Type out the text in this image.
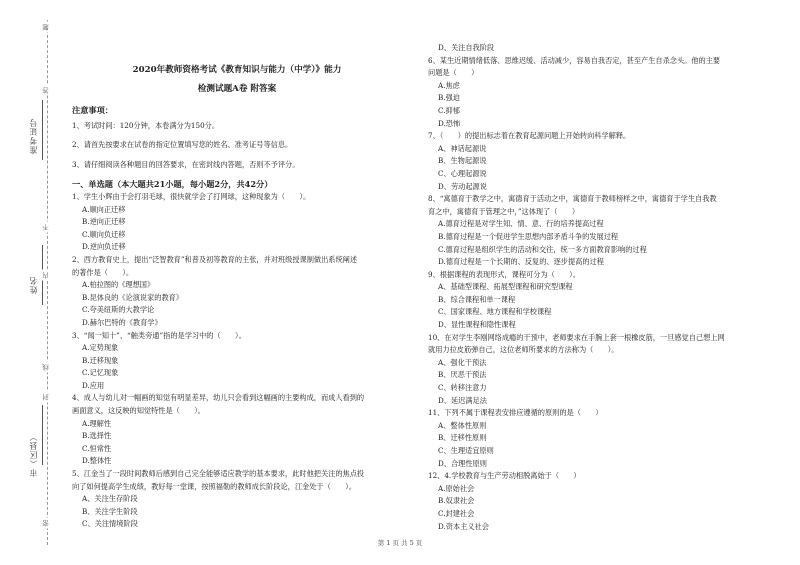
题
答
准考证号
不
内
姓名
线
封
市（区县）
密
2020年教师资格考试《教育知识与能力（中学）》能力
检测试题A卷 附答案
注意事项：
1、考试时间：120分钟，本卷满分为150分。
2、请首先按要求在试卷的指定位置填写您的姓名、准考证号等信息。
3、请仔细阅读各种题目的回答要求，在密封线内答题，否则不予评分。
一、单选题（本大题共21小题，每小题2分，共42分）
1、学生小辉由于会打羽毛球，很快就学会了打网球，这种现象为（　　）。
A.顺向正迁移
B.逆向正迁移
C.顺向负迁移
D.逆向负迁移
2、西方教育史上，提出“泛智教育”和普及初等教育的主张，并对班级授课制做出系统阐述
的著作是（　　）。
A.柏拉图的《理想国》
B.昆体良的《论演说家的教育》
C.夸美纽斯的大教学论
D.赫尔巴特的《教育学》
3、“闻一知十”、“触类旁通”指的是学习中的（　　）。
A.定势现象
B.迁移现象
C.记忆现象
D.应用
4、成人与幼儿对一幅画的知觉有明显差异，幼儿只会看到这幅画的主要构成，而成人看到的
画面意义，这反映的知觉特性是（　　）。
A.理解性
B.选择性
C.恒常性
D.整体性
5、江金当了一段时间教师后感到自己完全能够适应教学的基本要求，此时他把关注的焦点投
向了如何提高学生成绩，教好每一堂课，按照福勒的教师成长阶段论，江金处于（　　）。
A、关注生存阶段
B、关注学生阶段
C、关注情境阶段
D、关注自我阶段
6、某生近期情绪低落、思维迟缓、活动减少，容易自我否定，甚至产生自杀念头。他的主要
问题是（　　）
A.焦虑
B.强迫
C.抑郁
D.恐怖
7、（　　）的提出标志着在教育起源问题上开始转向科学解释。
A、神话起源说
B、生物起源说
C、心理起源说
D、劳动起源说
8、“寓德育于教学之中，寓德育于活动之中，寓德育于教师榜样之中，寓德育于学生自我教
育之中，寓德育于管理之中，”这体现了（　　）
A.德育过程是对学生知、情、意、行的培养提高过程
B.德育过程是一个促进学生思想内部矛盾斗争的发展过程
C.德育过程是组织学生的活动和交往，统一多方面教育影响的过程
D.德育过程是一个长期的、反复的、逐步提高的过程
9、根据课程的表现形式，课程可分为（　　）。
A、基础型课程、拓展型课程和研究型课程
B、综合课程和单一课程
C、国家课程、地方课程和学校课程
D、显性课程和隐性课程
10、在对学生李刚网络成瘾的干预中，老师要求在手腕上套一根橡皮筋，一旦感觉自己想上网
就用力拉皮筋弹自己，这位老师所要求的方法称为（　　）。
A、强化干预法
B、厌恶干预法
C、转移注意力
D、延迟满足法
11、下列不属于课程表安排应遵循的原则的是（　　）
A、整体性原则
B、迁移性原则
C、生理适宜原则
D、合理性原则
12、4.学校教育与生产劳动相脱离始于（　　）
A.原始社会
B.奴隶社会
C.封建社会
D.资本主义社会
第 1 页 共 5 页
